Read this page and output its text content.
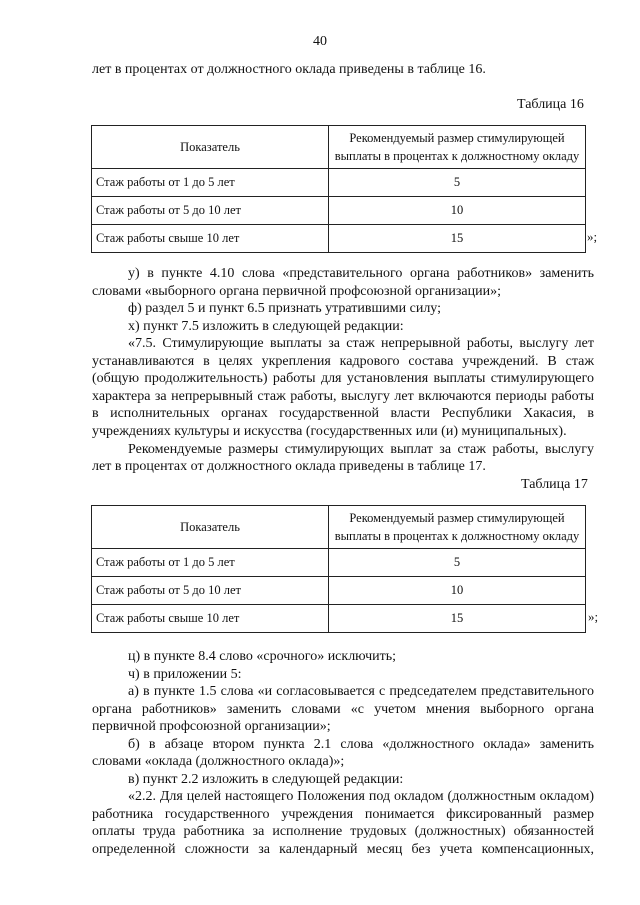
40
лет в процентах от должностного оклада приведены в таблице 16.
Таблица 16
Показатель	Рекомендуемый размер стимулирующей
выплаты в процентах к должностному окладу

Стаж работы от 1 до 5 лет	5
Стаж работы от 5 до 10 лет	10
Стаж работы свыше 10 лет	15	»;
у) в пункте 4.10 слова «представительного органа работников» заменить
словами «выборного органа первичной профсоюзной организации»;
ф) раздел 5 и пункт 6.5 признать утратившими силу;
х) пункт 7.5 изложить в следующей редакции:
«7.5. Стимулирующие выплаты за стаж непрерывной работы, выслугу лет
устанавливаются в целях укрепления кадрового состава учреждений. В стаж
(общую продолжительность) работы для установления выплаты стимулирующего
характера за непрерывный стаж работы, выслугу лет включаются периоды работы
в исполнительных органах государственной власти Республики Хакасия, в
учреждениях культуры и искусства (государственных или (и) муниципальных).
Рекомендуемые размеры стимулирующих выплат за стаж работы, выслугу
лет в процентах от должностного оклада приведены в таблице 17.
Таблица 17
Показатель	Рекомендуемый размер стимулирующей
выплаты в процентах к должностному окладу

Стаж работы от 1 до 5 лет	5
Стаж работы от 5 до 10 лет	10
Стаж работы свыше 10 лет	15	»;
ц) в пункте 8.4 слово «срочного» исключить;
ч) в приложении 5:
а) в пункте 1.5 слова «и согласовывается с председателем представительного
органа работников» заменить словами «с учетом мнения выборного органа
первичной профсоюзной организации»;
б) в абзаце втором пункта 2.1 слова «должностного оклада» заменить
словами «оклада (должностного оклада)»;
в) пункт 2.2 изложить в следующей редакции:
«2.2. Для целей настоящего Положения под окладом (должностным окладом)
работника государственного учреждения понимается фиксированный размер
оплаты труда работника за исполнение трудовых (должностных) обязанностей
определенной сложности за календарный месяц без учета компенсационных,
